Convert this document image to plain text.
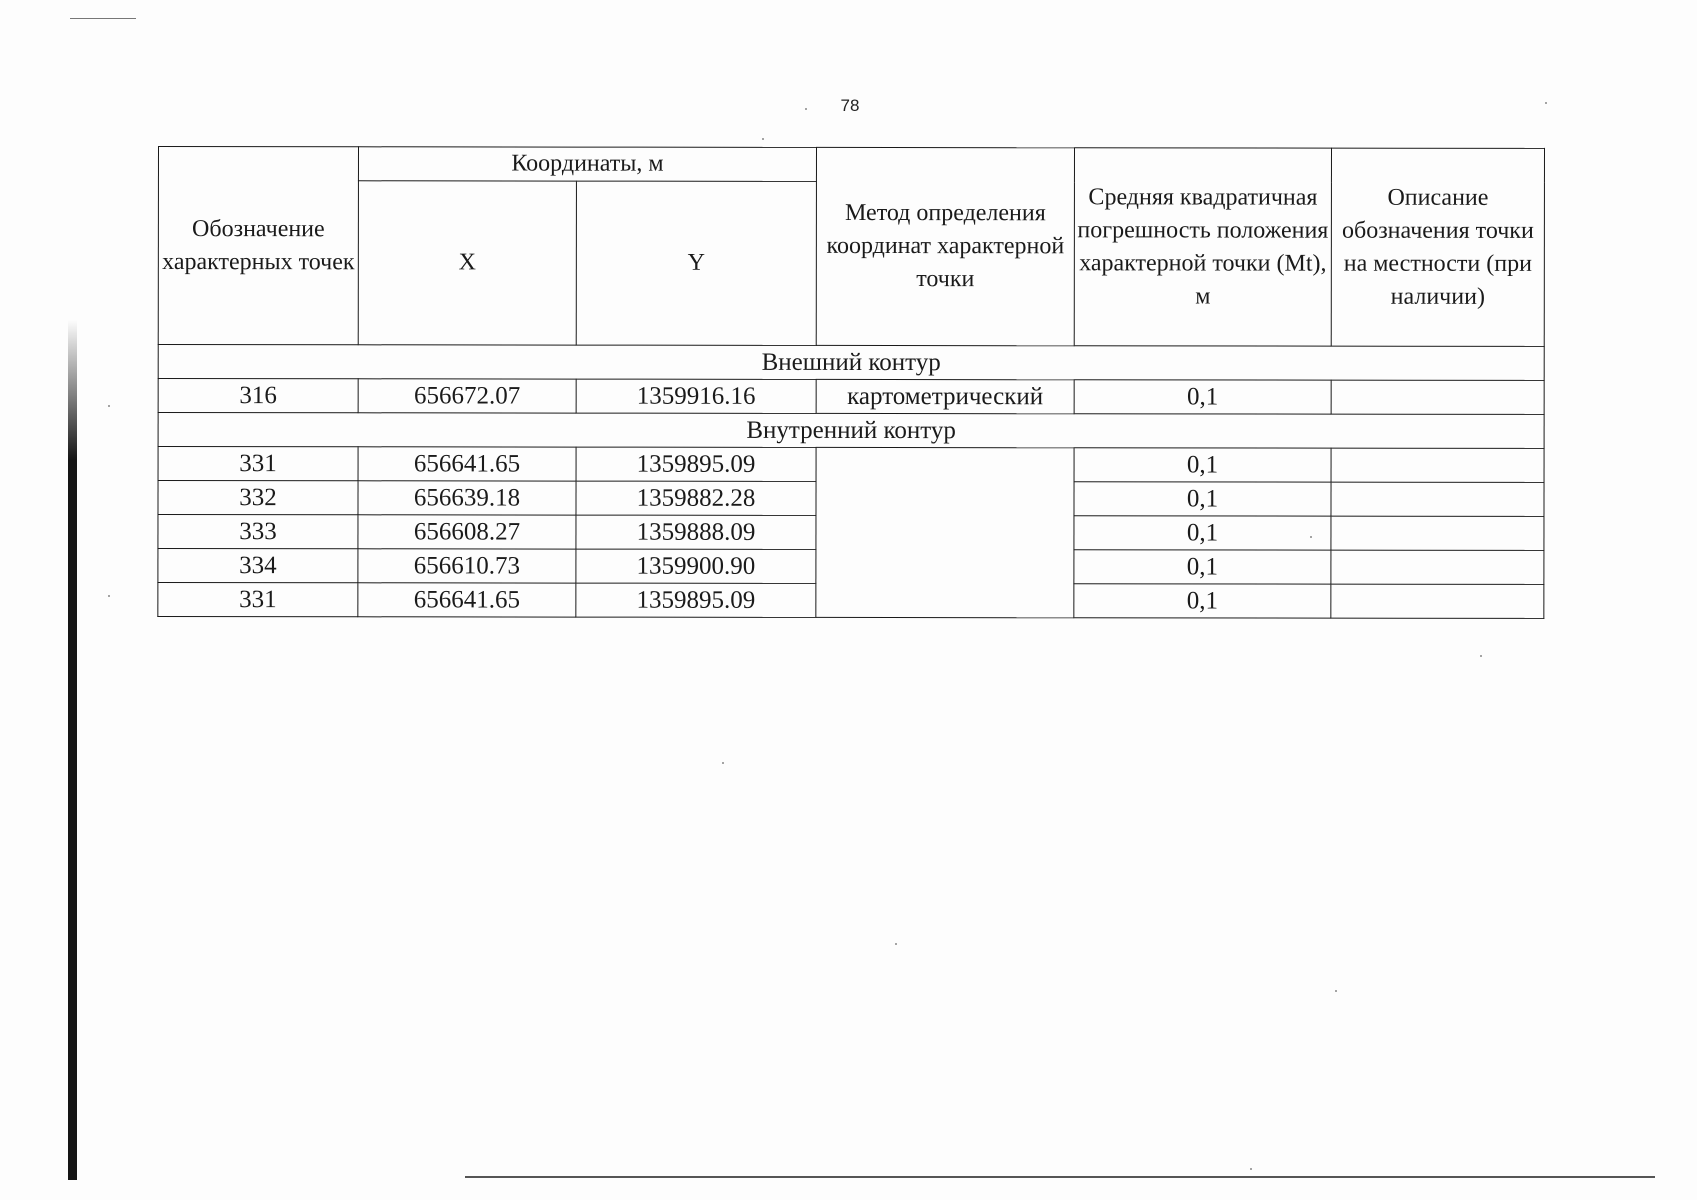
78
Обозначение характерных точек	Координаты, м		Метод определения координат характерной точки	Средняя квадратичная погрешность положения характерной точки (Mt), м	Описание обозначения точки на местности (при наличии)
	X	Y			
Внешний контур					
316	656672.07	1359916.16	картометрический	0,1	
Внутренний контур					
331	656641.65	1359895.09		0,1	
332	656639.18	1359882.28		0,1	
333	656608.27	1359888.09		0,1	
334	656610.73	1359900.90		0,1	
331	656641.65	1359895.09		0,1	
